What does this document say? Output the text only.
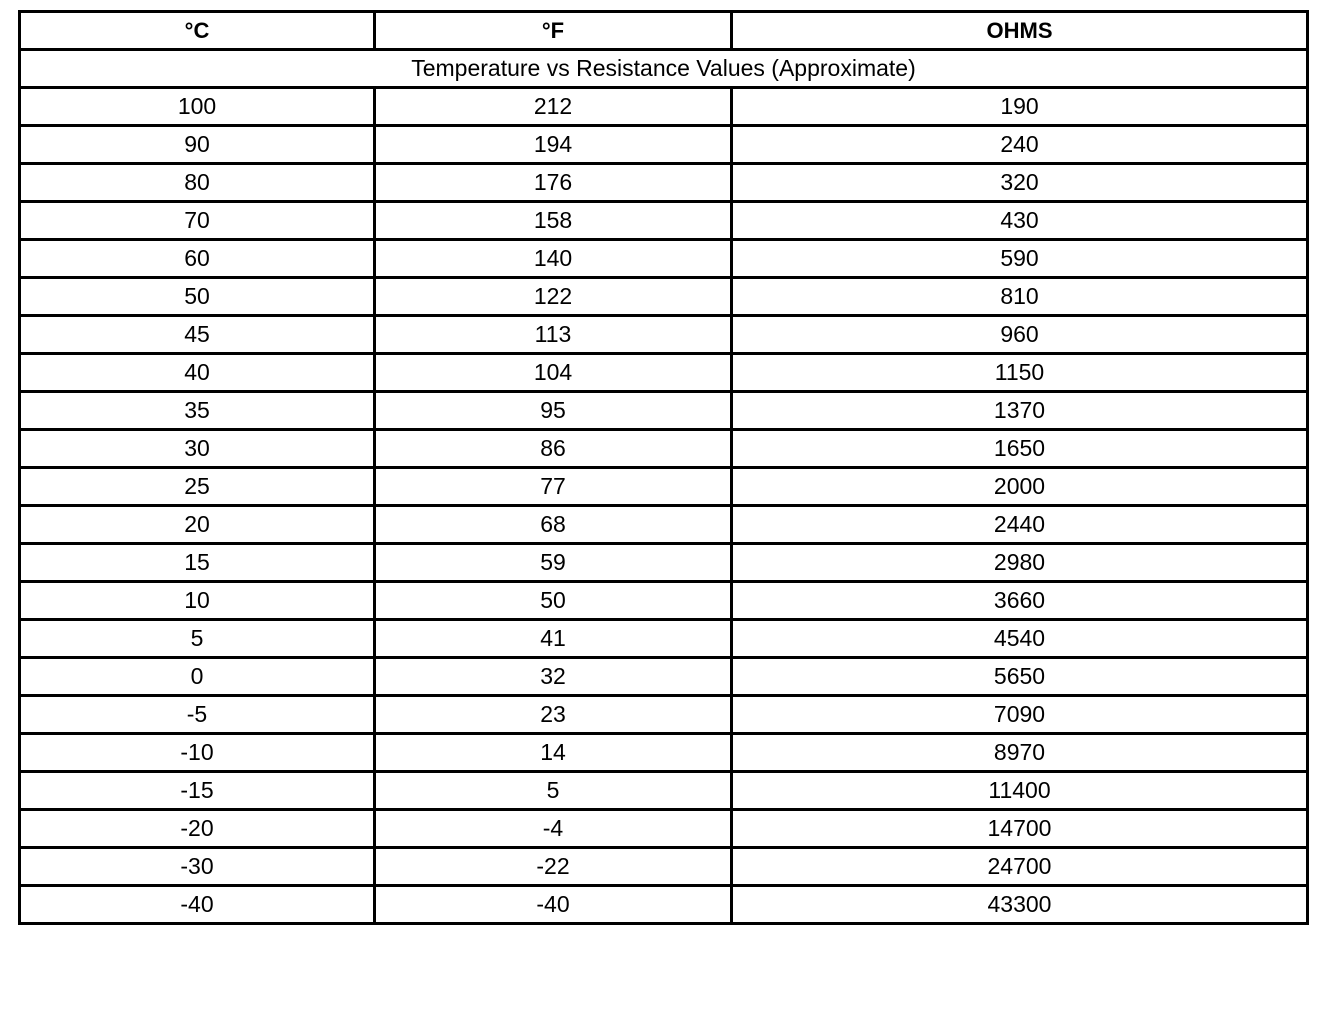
°C	°F	OHMS
Temperature vs Resistance Values (Approximate)		
100	212	190
90	194	240
80	176	320
70	158	430
60	140	590
50	122	810
45	113	960
40	104	1150
35	95	1370
30	86	1650
25	77	2000
20	68	2440
15	59	2980
10	50	3660
5	41	4540
0	32	5650
-5	23	7090
-10	14	8970
-15	5	11400
-20	-4	14700
-30	-22	24700
-40	-40	43300
